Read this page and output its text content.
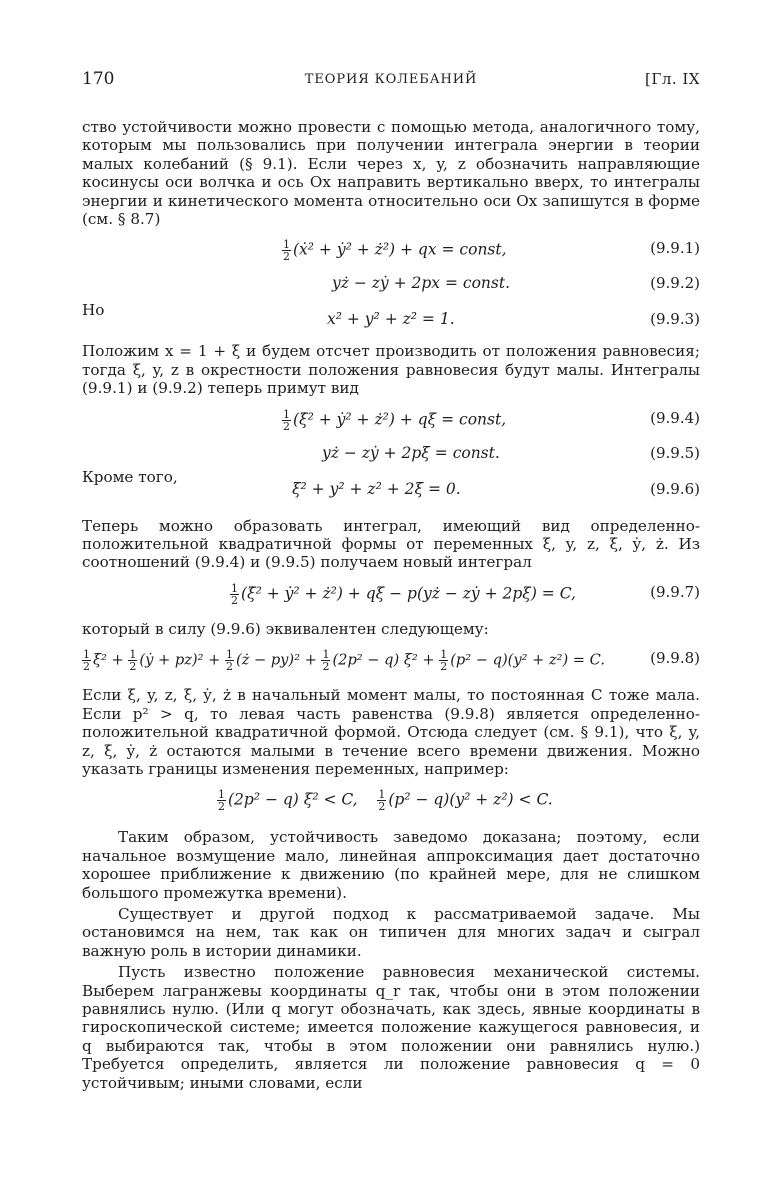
170	ТЕОРИЯ КОЛЕБАНИЙ	[Гл. IX

ство устойчивости можно провести с помощью метода, аналогичного тому, которым мы пользовались при получении интеграла энергии в теории малых колебаний (§ 9.1). Если через x, y, z обозначить направляющие косинусы оси волчка и ось Ox направить вертикально вверх, то интегралы энергии и кинетического момента относительно оси Ox запишутся в форме (см. § 8.7)

$\frac{1}{2}$ (ẋ² + ẏ² + ż²) + qx = const,	(9.9.1)
yż − zẏ + 2px = const.	(9.9.2)
Но	x² + y² + z² = 1.	(9.9.3)

Положим x = 1 + ξ и будем отсчет производить от положения равновесия; тогда ξ, y, z в окрестности положения равновесия будут малы. Интегралы (9.9.1) и (9.9.2) теперь примут вид

$\frac{1}{2}$ (ξ̇² + ẏ² + ż²) + qξ = const,	(9.9.4)
yż − zẏ + 2pξ = const.	(9.9.5)
Кроме того,
ξ² + y² + z² + 2ξ = 0.	(9.9.6)

Теперь можно образовать интеграл, имеющий вид определенно-положительной квадратичной формы от переменных ξ, y, z, ξ̇, ẏ, ż. Из соотношений (9.9.4) и (9.9.5) получаем новый интеграл

$\frac{1}{2}$ (ξ̇² + ẏ² + ż²) + qξ − p(yż − zẏ + 2pξ) = C,	(9.9.7)

который в силу (9.9.6) эквивалентен следующему:

$\frac{1}{2}$ ξ̇² + $\frac{1}{2}$ (ẏ + $pz)^2 + \frac{1}{2}$ (ż − $py)^2 + \frac{1}{2} (2p^2 - q) \xi^2 + \frac{1}{2} (p^2 - q)(y^2 + z^2) = C$.	(9.9.8)

Если ξ, y, z, ξ̇, ẏ, ż в начальный момент малы, то постоянная C тоже мала. Если p² > q, то левая часть равенства (9.9.8) является определенно-положительной квадратичной формой. Отсюда следует (см. § 9.1), что ξ, y, z, ξ̇, ẏ, ż остаются малыми в течение всего времени движения. Можно указать границы изменения переменных, например:

$\frac{1}{2} (2p^2 - q) \xi^2 < C$, $\frac{1}{2} (p^2 - q)(y^2 + z^2) < C$.

Таким образом, устойчивость заведомо доказана; поэтому, если начальное возмущение мало, линейная аппроксимация дает достаточно хорошее приближение к движению (по крайней мере, для не слишком большого промежутка времени).

Существует и другой подход к рассматриваемой задаче. Мы остановимся на нем, так как он типичен для многих задач и сыграл важную роль в истории динамики.

Пусть известно положение равновесия механической системы. Выберем лагранжевы координаты q_r так, чтобы они в этом положении равнялись нулю. (Или q могут обозначать, как здесь, явные координаты в гироскопической системе; имеется положение кажущегося равновесия, и q выбираются так, чтобы в этом положении они равнялись нулю.) Требуется определить, является ли положение равновесия q = 0 устойчивым; иными словами, если
